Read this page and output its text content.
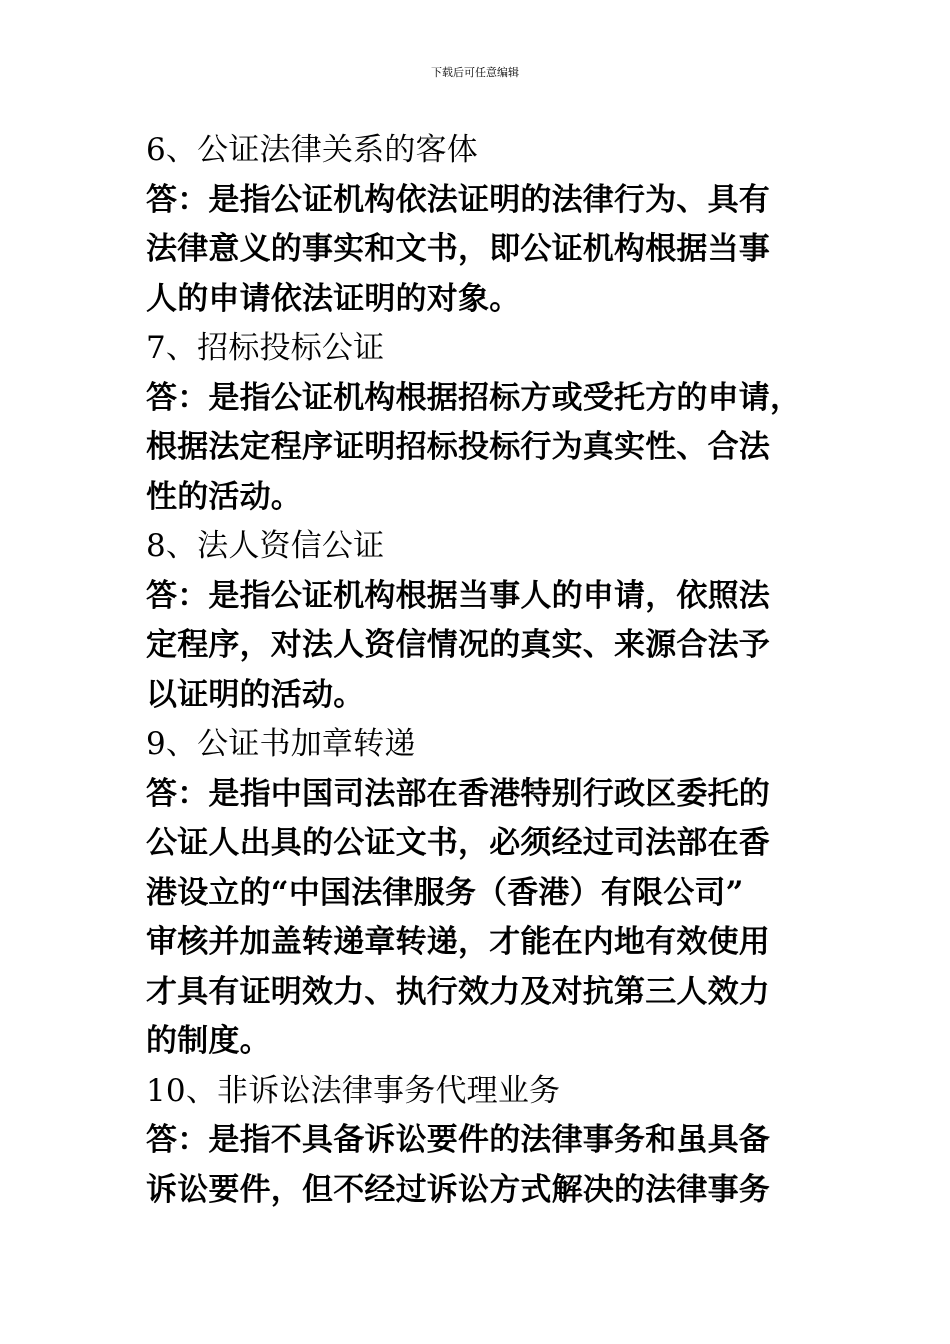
下载后可任意编辑
6、公证法律关系的客体
答：是指公证机构依法证明的法律行为、具有
法律意义的事实和文书，即公证机构根据当事
人的申请依法证明的对象。
7、招标投标公证
答：是指公证机构根据招标方或受托方的申请，
根据法定程序证明招标投标行为真实性、合法
性的活动。
8、法人资信公证
答：是指公证机构根据当事人的申请，依照法
定程序，对法人资信情况的真实、来源合法予
以证明的活动。
9、公证书加章转递
答：是指中国司法部在香港特别行政区委托的
公证人出具的公证文书，必须经过司法部在香
港设立的“中国法律服务（香港）有限公司”
审核并加盖转递章转递，才能在内地有效使用
才具有证明效力、执行效力及对抗第三人效力
的制度。
10、非诉讼法律事务代理业务
答：是指不具备诉讼要件的法律事务和虽具备
诉讼要件，但不经过诉讼方式解决的法律事务
